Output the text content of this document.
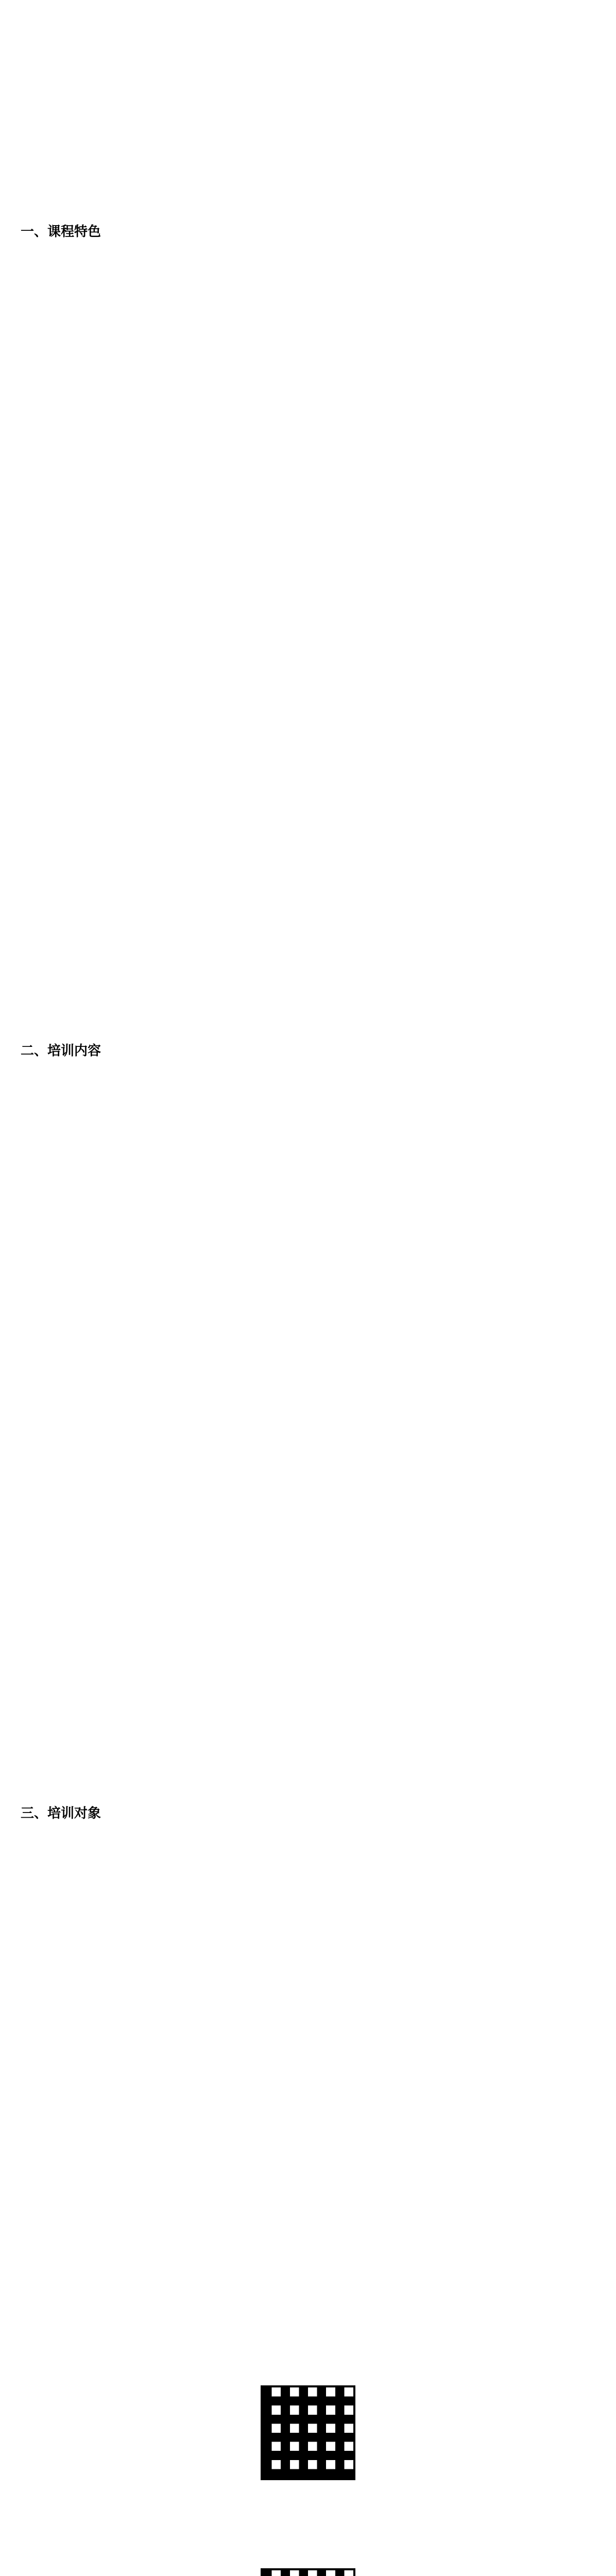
一、课程特色
二、培训内容
三、培训对象
